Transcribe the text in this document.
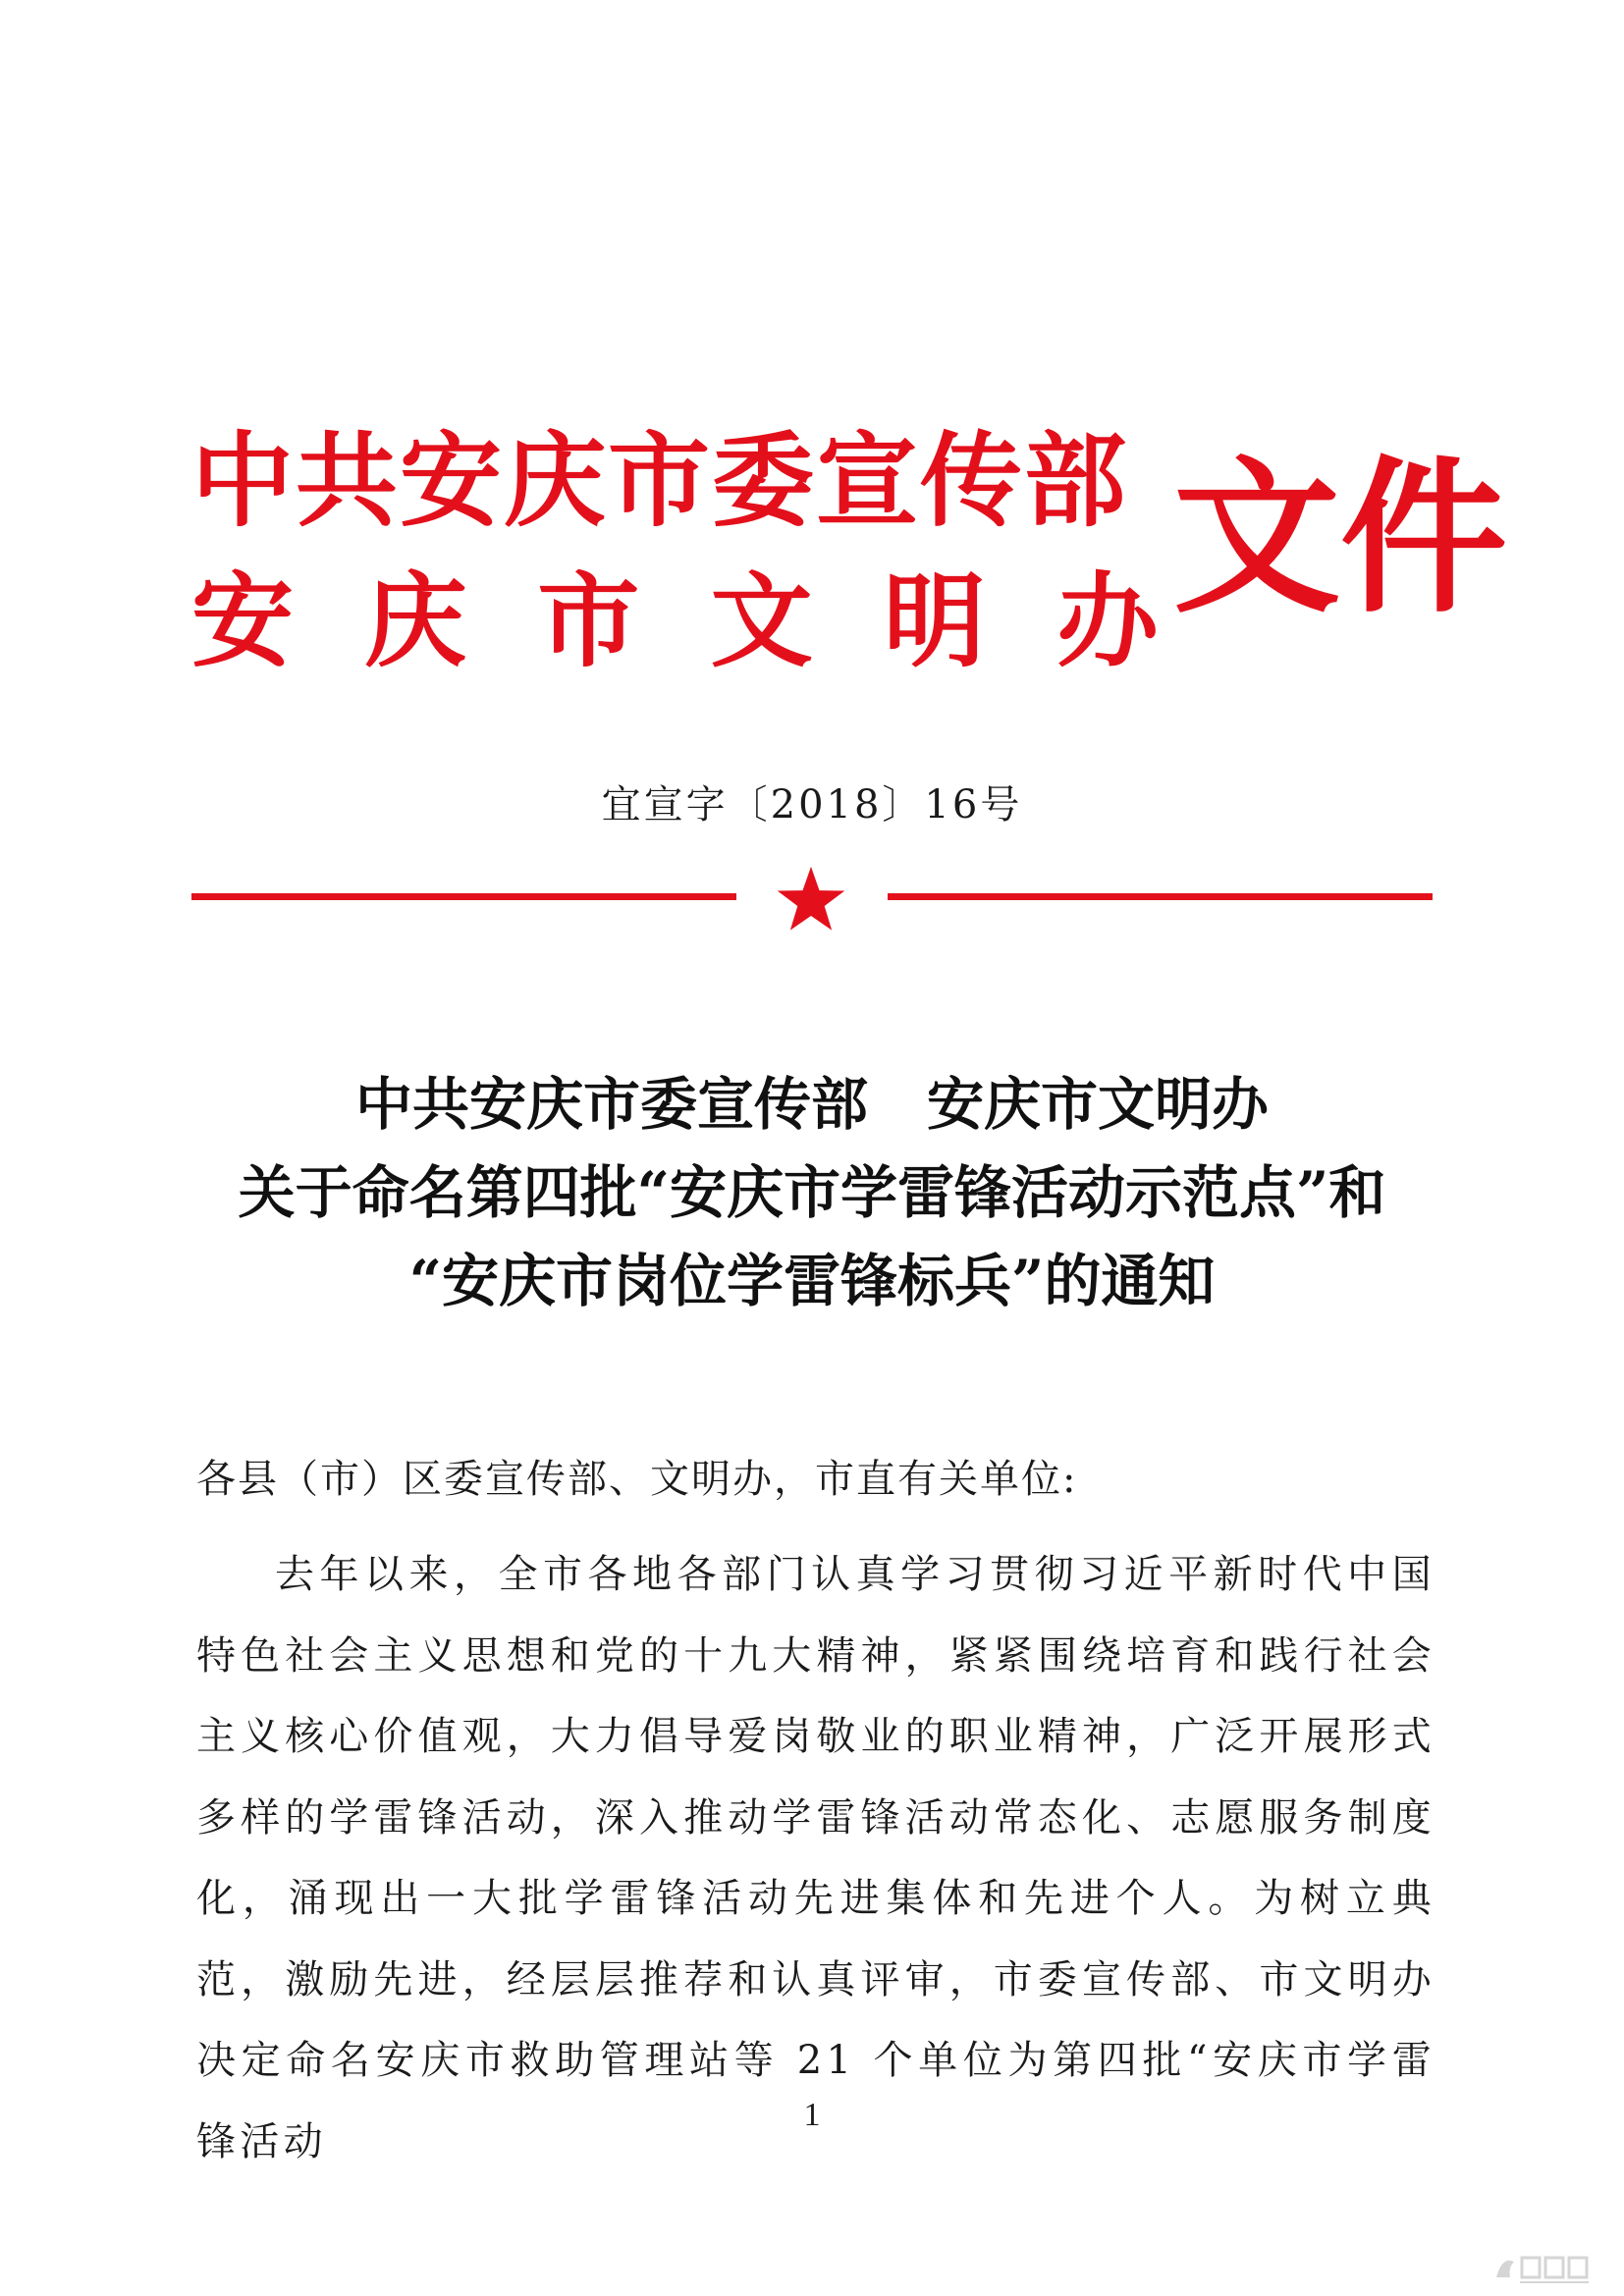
中共安庆市委宣传部
安 庆 市 文 明 办 文件
宜宣字〔2018〕16号
中共安庆市委宣传部 安庆市文明办
关于命名第四批“安庆市学雷锋活动示范点”和
“安庆市岗位学雷锋标兵”的通知

各县（市）区委宣传部、文明办，市直有关单位:

去年以来，全市各地各部门认真学习贯彻习近平新时代中国特色社会主义思想和党的十九大精神，紧紧围绕培育和践行社会主义核心价值观，大力倡导爱岗敬业的职业精神，广泛开展形式多样的学雷锋活动，深入推动学雷锋活动常态化、志愿服务制度化，涌现出一大批学雷锋活动先进集体和先进个人。为树立典范，激励先进，经层层推荐和认真评审，市委宣传部、市文明办决定命名安庆市救助管理站等 21 个单位为第四批“安庆市学雷锋活动

1
